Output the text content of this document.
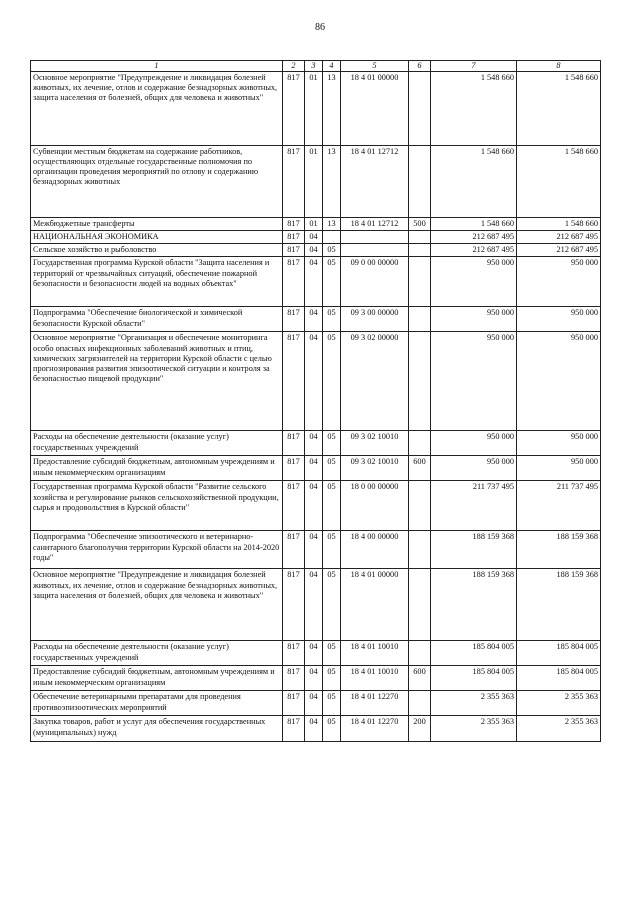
86
1	2	3	4	5	6	7	8
Основное мероприятие "Предупреждение и ликвидация болезней животных, их лечение, отлов и содержание безнадзорных животных, защита населения от болезней, общих для человека и животных"	817	01	13	18 4 01 00000		1 548 660	1 548 660
Субвенции местным бюджетам на содержание работников, осуществляющих отдельные государственные полномочия по организации проведения мероприятий по отлову и содержанию безнадзорных животных	817	01	13	18 4 01 12712		1 548 660	1 548 660
Межбюджетные трансферты	817	01	13	18 4 01 12712	500	1 548 660	1 548 660
НАЦИОНАЛЬНАЯ ЭКОНОМИКА	817	04				212 687 495	212 687 495
Сельское хозяйство и рыболовство	817	04	05			212 687 495	212 687 495
Государственная программа Курской области "Защита населения и территорий от чрезвычайных ситуаций, обеспечение пожарной безопасности и безопасности людей на водных объектах"	817	04	05	09 0 00 00000		950 000	950 000
Подпрограмма "Обеспечение биологической и химической безопасности Курской области"	817	04	05	09 3 00 00000		950 000	950 000
Основное мероприятие "Организация и обеспечение мониторинга особо опасных инфекционных заболеваний животных и птиц, химических загрязнителей на территории Курской области с целью прогнозирования развития эпизоотической ситуации и контроля за безопасностью пищевой продукции"	817	04	05	09 3 02 00000		950 000	950 000
Расходы на обеспечение деятельности (оказание услуг) государственных учреждений	817	04	05	09 3 02 10010		950 000	950 000
Предоставление субсидий бюджетным, автономным учреждениям и иным некоммерческим организациям	817	04	05	09 3 02 10010	600	950 000	950 000
Государственная программа Курской области "Развитие сельского хозяйства и регулирование рынков сельскохозяйственной продукции, сырья и продовольствия в Курской области"	817	04	05	18 0 00 00000		211 737 495	211 737 495
Подпрограмма "Обеспечение эпизоотического и ветеринарно-санитарного благополучия территории Курской области на 2014-2020 годы"	817	04	05	18 4 00 00000		188 159 368	188 159 368
Основное мероприятие "Предупреждение и ликвидация болезней животных, их лечение, отлов и содержание безнадзорных животных, защита населения от болезней, общих для человека и животных"	817	04	05	18 4 01 00000		188 159 368	188 159 368
Расходы на обеспечение деятельности (оказание услуг) государственных учреждений	817	04	05	18 4 01 10010		185 804 005	185 804 005
Предоставление субсидий бюджетным, автономным учреждениям и иным некоммерческим организациям	817	04	05	18 4 01 10010	600	185 804 005	185 804 005
Обеспечение ветеринарными препаратами для проведения противоэпизоотических мероприятий	817	04	05	18 4 01 12270		2 355 363	2 355 363
Закупка товаров, работ и услуг для обеспечения государственных (муниципальных) нужд	817	04	05	18 4 01 12270	200	2 355 363	2 355 363
